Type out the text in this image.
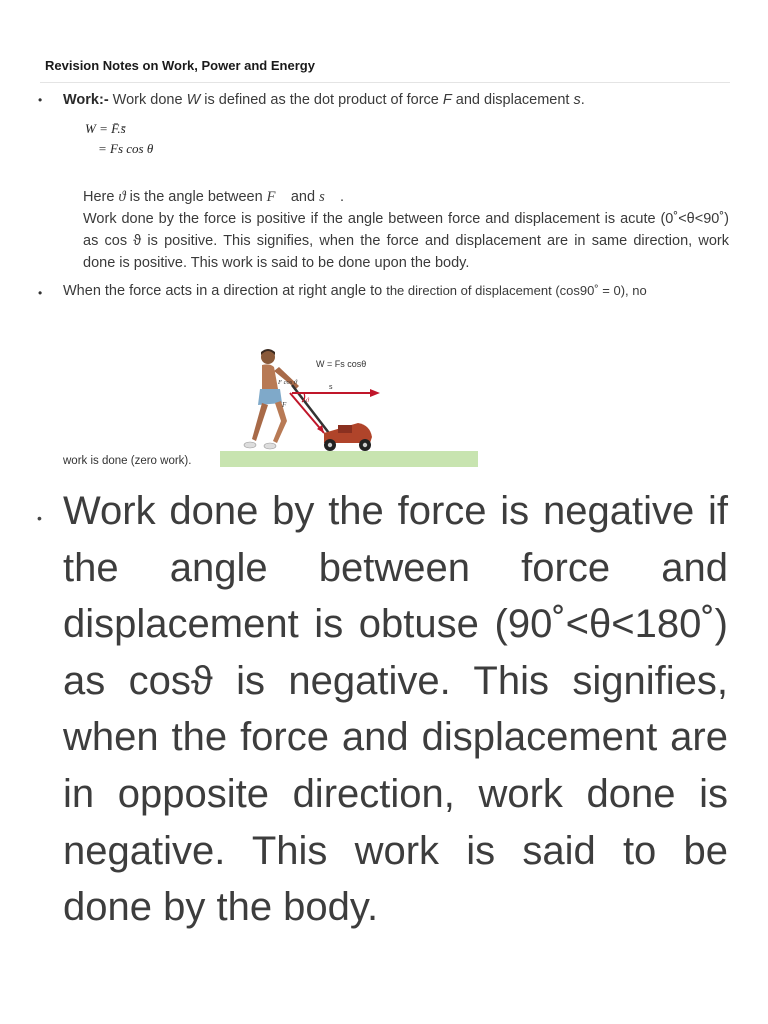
Revision Notes on Work, Power and Energy
• Work:- Work done W is defined as the dot product of force F and displacement s.
W = F̄.s̄
= Fs cos θ
Here ϑ is the angle between F⃗ and s⃗ .
Work done by the force is positive if the angle between force and displacement is acute (0˚<θ<90˚) as cos ϑ is positive. This signifies, when the force and displacement are in same direction, work done is positive. This work is said to be done upon the body.
• When the force acts in a direction at right angle to the direction of displacement (cos90˚ = 0), no
W = Fs cosθ
F cos ϑ
s
F	ϑ
work is done (zero work).
• Work done by the force is negative if the angle between force and displacement is obtuse (90˚<θ<180˚) as cosϑ is negative. This signifies, when the force and displacement are in opposite direction, work done is negative. This work is said to be done by the body.
